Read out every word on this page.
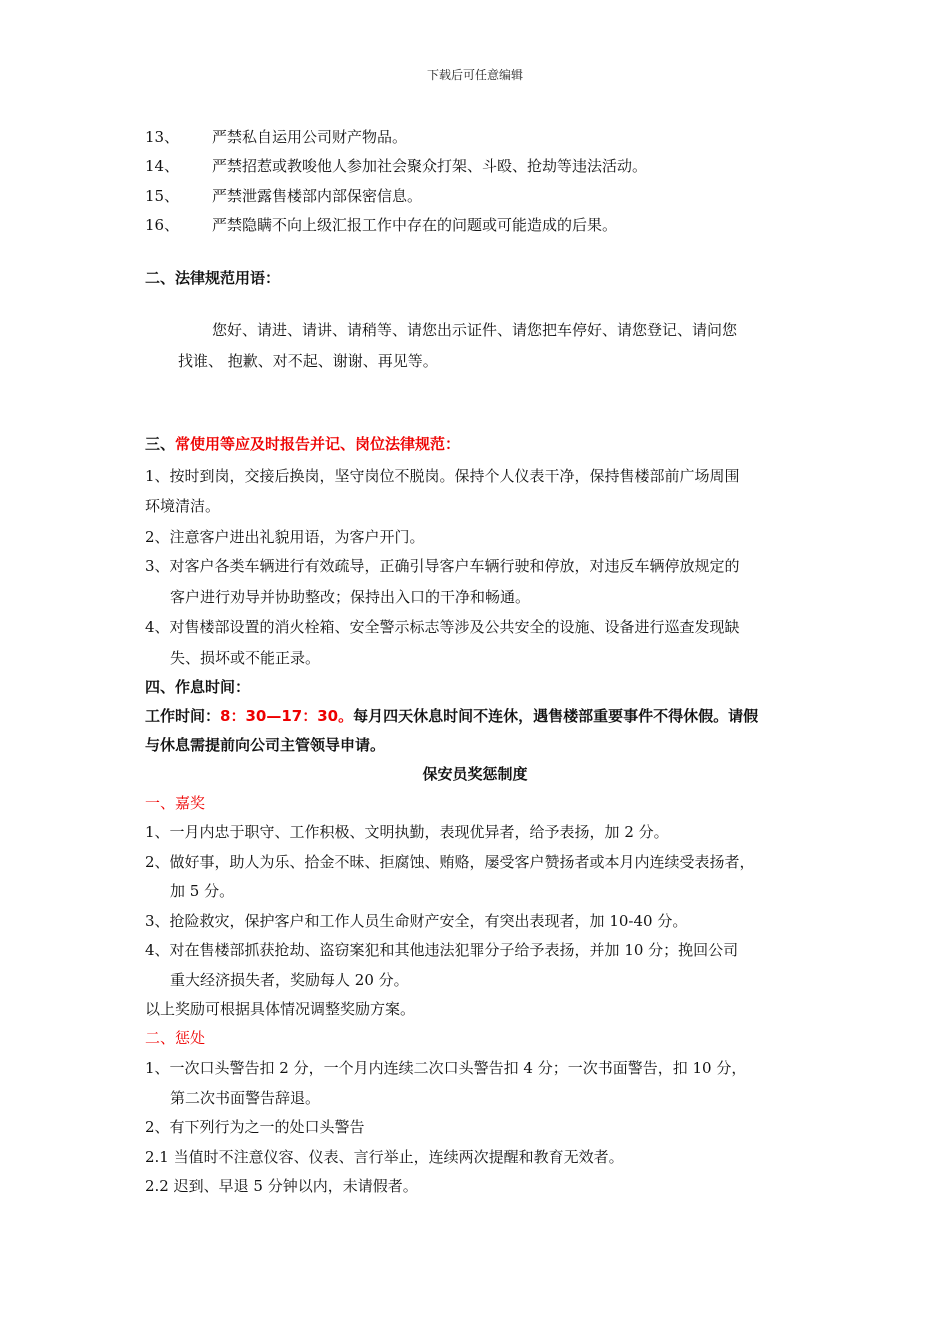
下载后可任意编辑
13、 严禁私自运用公司财产物品。
14、 严禁招惹或教唆他人参加社会聚众打架、斗殴、抢劫等违法活动。
15、 严禁泄露售楼部内部保密信息。
16、 严禁隐瞒不向上级汇报工作中存在的问题或可能造成的后果。
二、法律规范用语：
您好、请进、请讲、请稍等、请您出示证件、请您把车停好、请您登记、请问您
找谁、 抱歉、对不起、谢谢、再见等。
三、常使用等应及时报告并记、岗位法律规范：
1、按时到岗，交接后换岗，坚守岗位不脱岗。保持个人仪表干净，保持售楼部前广场周围
环境清洁。
2、注意客户进出礼貌用语，为客户开门。
3、对客户各类车辆进行有效疏导，正确引导客户车辆行驶和停放，对违反车辆停放规定的
客户进行劝导并协助整改；保持出入口的干净和畅通。
4、对售楼部设置的消火栓箱、安全警示标志等涉及公共安全的设施、设备进行巡查发现缺
失、损坏或不能正录。
四、作息时间：
工作时间：8：30—17：30。每月四天休息时间不连休，遇售楼部重要事件不得休假。请假
与休息需提前向公司主管领导申请。
保安员奖惩制度
一、嘉奖
1、一月内忠于职守、工作积极、文明执勤，表现优异者，给予表扬，加 2 分。
2、做好事，助人为乐、拾金不昧、拒腐蚀、贿赂，屡受客户赞扬者或本月内连续受表扬者，
加 5 分。
3、抢险救灾，保护客户和工作人员生命财产安全，有突出表现者，加 10-40 分。
4、对在售楼部抓获抢劫、盗窃案犯和其他违法犯罪分子给予表扬，并加 10 分；挽回公司
重大经济损失者，奖励每人 20 分。
以上奖励可根据具体情况调整奖励方案。
二、惩处
1、一次口头警告扣 2 分，一个月内连续二次口头警告扣 4 分；一次书面警告，扣 10 分，
第二次书面警告辞退。
2、有下列行为之一的处口头警告
2.1 当值时不注意仪容、仪表、言行举止，连续两次提醒和教育无效者。
2.2 迟到、早退 5 分钟以内，未请假者。
